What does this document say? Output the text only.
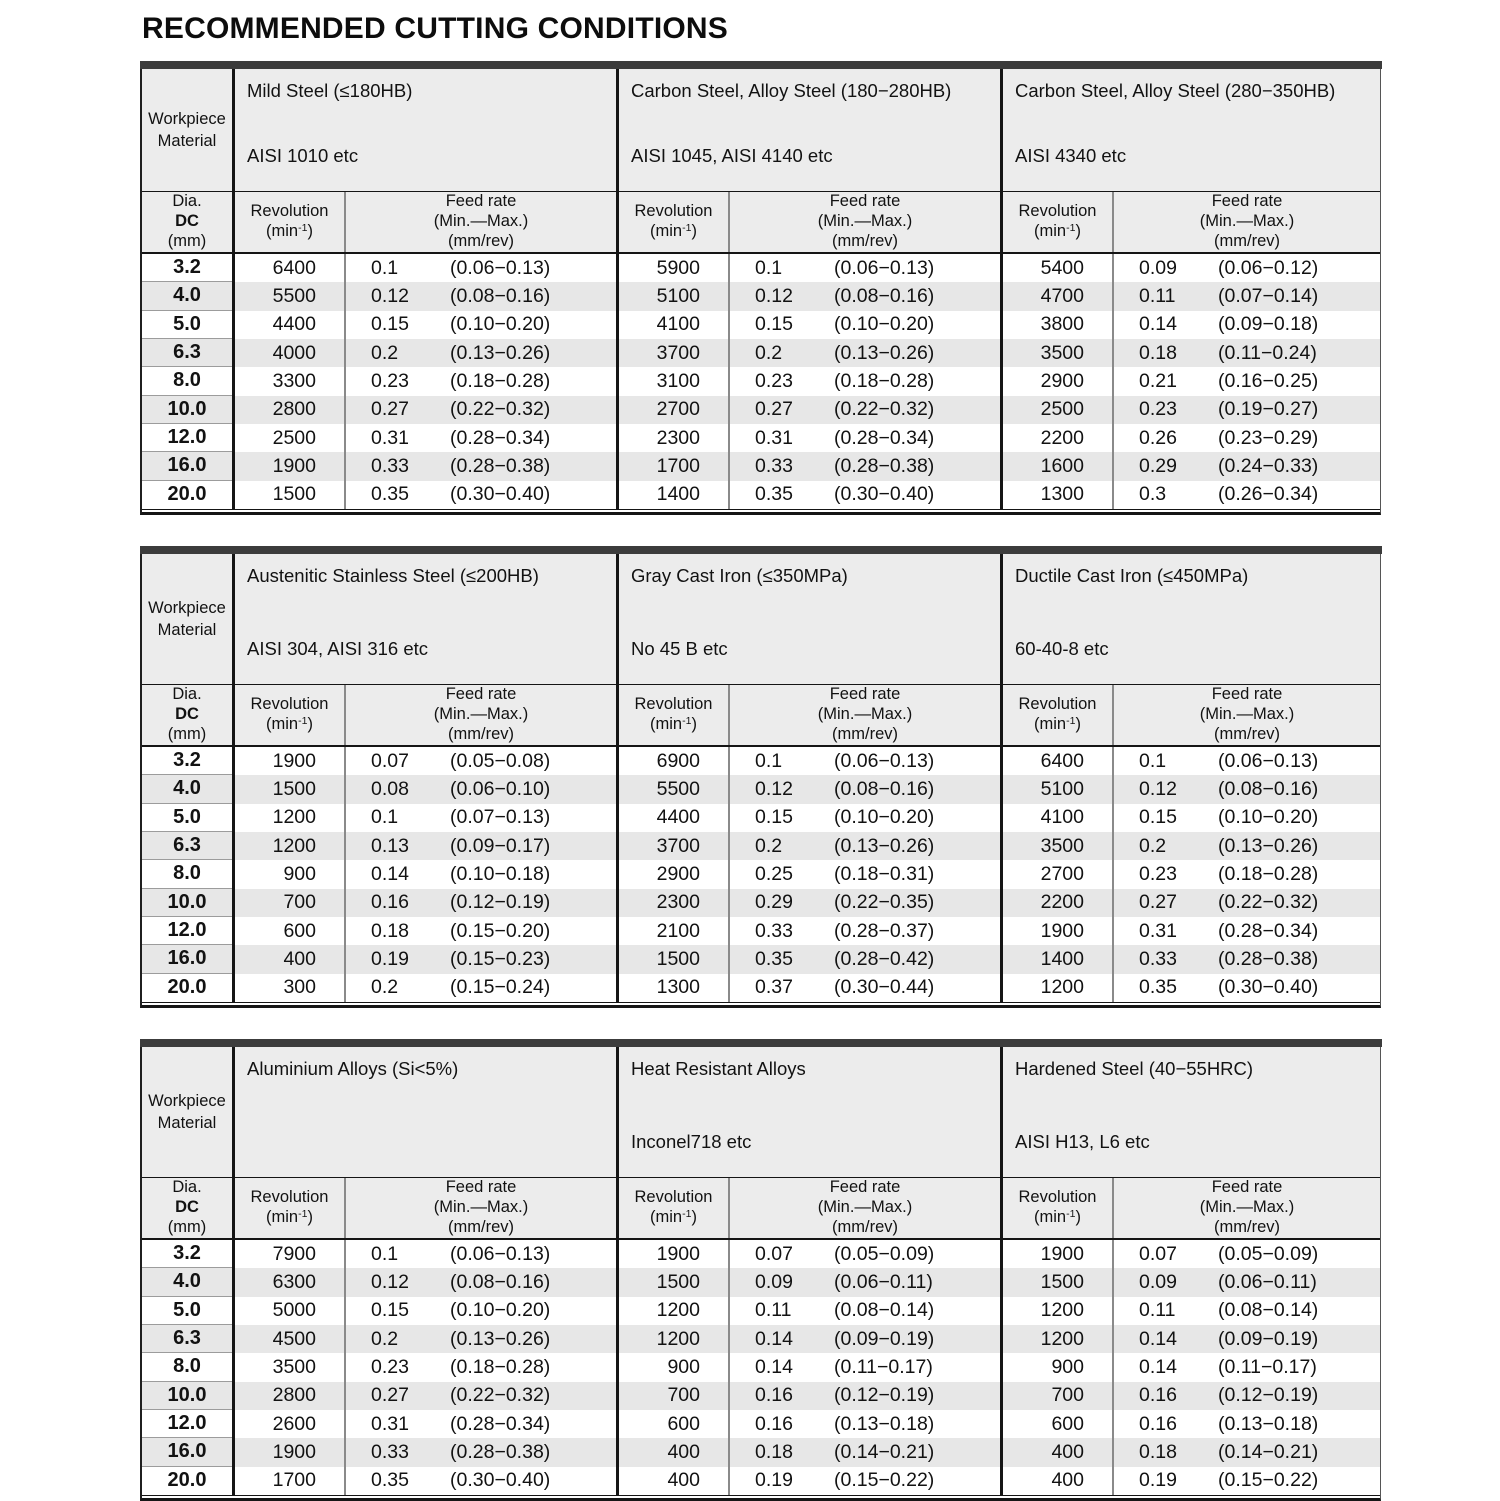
RECOMMENDED CUTTING CONDITIONS
Workpiece Material
Mild Steel (≤180HB)
AISI 1010 etc
Carbon Steel, Alloy Steel (180−280HB)
AISI 1045, AISI 4140 etc
Carbon Steel, Alloy Steel (280−350HB)
AISI 4340 etc
Dia.
DC
(mm)
Revolution
$(\min^{-1})$
Feed rate
(Min.—Max.)
(mm/rev)
Revolution
$(\min^{-1})$
Feed rate
(Min.—Max.)
(mm/rev)
Revolution
$(\min^{-1})$
Feed rate
(Min.—Max.)
(mm/rev)
3.2	6400	0.1	(0.06−0.13)	5900	0.1	(0.06−0.13)	5400	0.09	(0.06−0.12)
4.0	5500	0.12	(0.08−0.16)	5100	0.12	(0.08−0.16)	4700	0.11	(0.07−0.14)
5.0	4400	0.15	(0.10−0.20)	4100	0.15	(0.10−0.20)	3800	0.14	(0.09−0.18)
6.3	4000	0.2	(0.13−0.26)	3700	0.2	(0.13−0.26)	3500	0.18	(0.11−0.24)
8.0	3300	0.23	(0.18−0.28)	3100	0.23	(0.18−0.28)	2900	0.21	(0.16−0.25)
10.0	2800	0.27	(0.22−0.32)	2700	0.27	(0.22−0.32)	2500	0.23	(0.19−0.27)
12.0	2500	0.31	(0.28−0.34)	2300	0.31	(0.28−0.34)	2200	0.26	(0.23−0.29)
16.0	1900	0.33	(0.28−0.38)	1700	0.33	(0.28−0.38)	1600	0.29	(0.24−0.33)
20.0	1500	0.35	(0.30−0.40)	1400	0.35	(0.30−0.40)	1300	0.3	(0.26−0.34)
Workpiece Material
Austenitic Stainless Steel (≤200HB)
AISI 304, AISI 316 etc
Gray Cast Iron (≤350MPa)
No 45 B etc
Ductile Cast Iron (≤450MPa)
60-40-8 etc
Dia.
DC
(mm)
Revolution
$(\min^{-1})$
Feed rate
(Min.—Max.)
(mm/rev)
Revolution
$(\min^{-1})$
Feed rate
(Min.—Max.)
(mm/rev)
Revolution
$(\min^{-1})$
Feed rate
(Min.—Max.)
(mm/rev)
3.2	1900	0.07	(0.05−0.08)	6900	0.1	(0.06−0.13)	6400	0.1	(0.06−0.13)
4.0	1500	0.08	(0.06−0.10)	5500	0.12	(0.08−0.16)	5100	0.12	(0.08−0.16)
5.0	1200	0.1	(0.07−0.13)	4400	0.15	(0.10−0.20)	4100	0.15	(0.10−0.20)
6.3	1200	0.13	(0.09−0.17)	3700	0.2	(0.13−0.26)	3500	0.2	(0.13−0.26)
8.0	900	0.14	(0.10−0.18)	2900	0.25	(0.18−0.31)	2700	0.23	(0.18−0.28)
10.0	700	0.16	(0.12−0.19)	2300	0.29	(0.22−0.35)	2200	0.27	(0.22−0.32)
12.0	600	0.18	(0.15−0.20)	2100	0.33	(0.28−0.37)	1900	0.31	(0.28−0.34)
16.0	400	0.19	(0.15−0.23)	1500	0.35	(0.28−0.42)	1400	0.33	(0.28−0.38)
20.0	300	0.2	(0.15−0.24)	1300	0.37	(0.30−0.44)	1200	0.35	(0.30−0.40)
Workpiece Material
Aluminium Alloys (Si<5%)	Heat Resistant Alloys
Inconel718 etc
Hardened Steel (40−55HRC)
AISI H13, L6 etc
Dia.
DC
(mm)
Revolution
$(\min^{-1})$
Feed rate
(Min.—Max.)
(mm/rev)
Revolution
$(\min^{-1})$
Feed rate
(Min.—Max.)
(mm/rev)
Revolution
$(\min^{-1})$
Feed rate
(Min.—Max.)
(mm/rev)
3.2	7900	0.1	(0.06−0.13)	1900	0.07	(0.05−0.09)	1900	0.07	(0.05−0.09)
4.0	6300	0.12	(0.08−0.16)	1500	0.09	(0.06−0.11)	1500	0.09	(0.06−0.11)
5.0	5000	0.15	(0.10−0.20)	1200	0.11	(0.08−0.14)	1200	0.11	(0.08−0.14)
6.3	4500	0.2	(0.13−0.26)	1200	0.14	(0.09−0.19)	1200	0.14	(0.09−0.19)
8.0	3500	0.23	(0.18−0.28)	900	0.14	(0.11−0.17)	900	0.14	(0.11−0.17)
10.0	2800	0.27	(0.22−0.32)	700	0.16	(0.12−0.19)	700	0.16	(0.12−0.19)
12.0	2600	0.31	(0.28−0.34)	600	0.16	(0.13−0.18)	600	0.16	(0.13−0.18)
16.0	1900	0.33	(0.28−0.38)	400	0.18	(0.14−0.21)	400	0.18	(0.14−0.21)
20.0	1700	0.35	(0.30−0.40)	400	0.19	(0.15−0.22)	400	0.19	(0.15−0.22)
